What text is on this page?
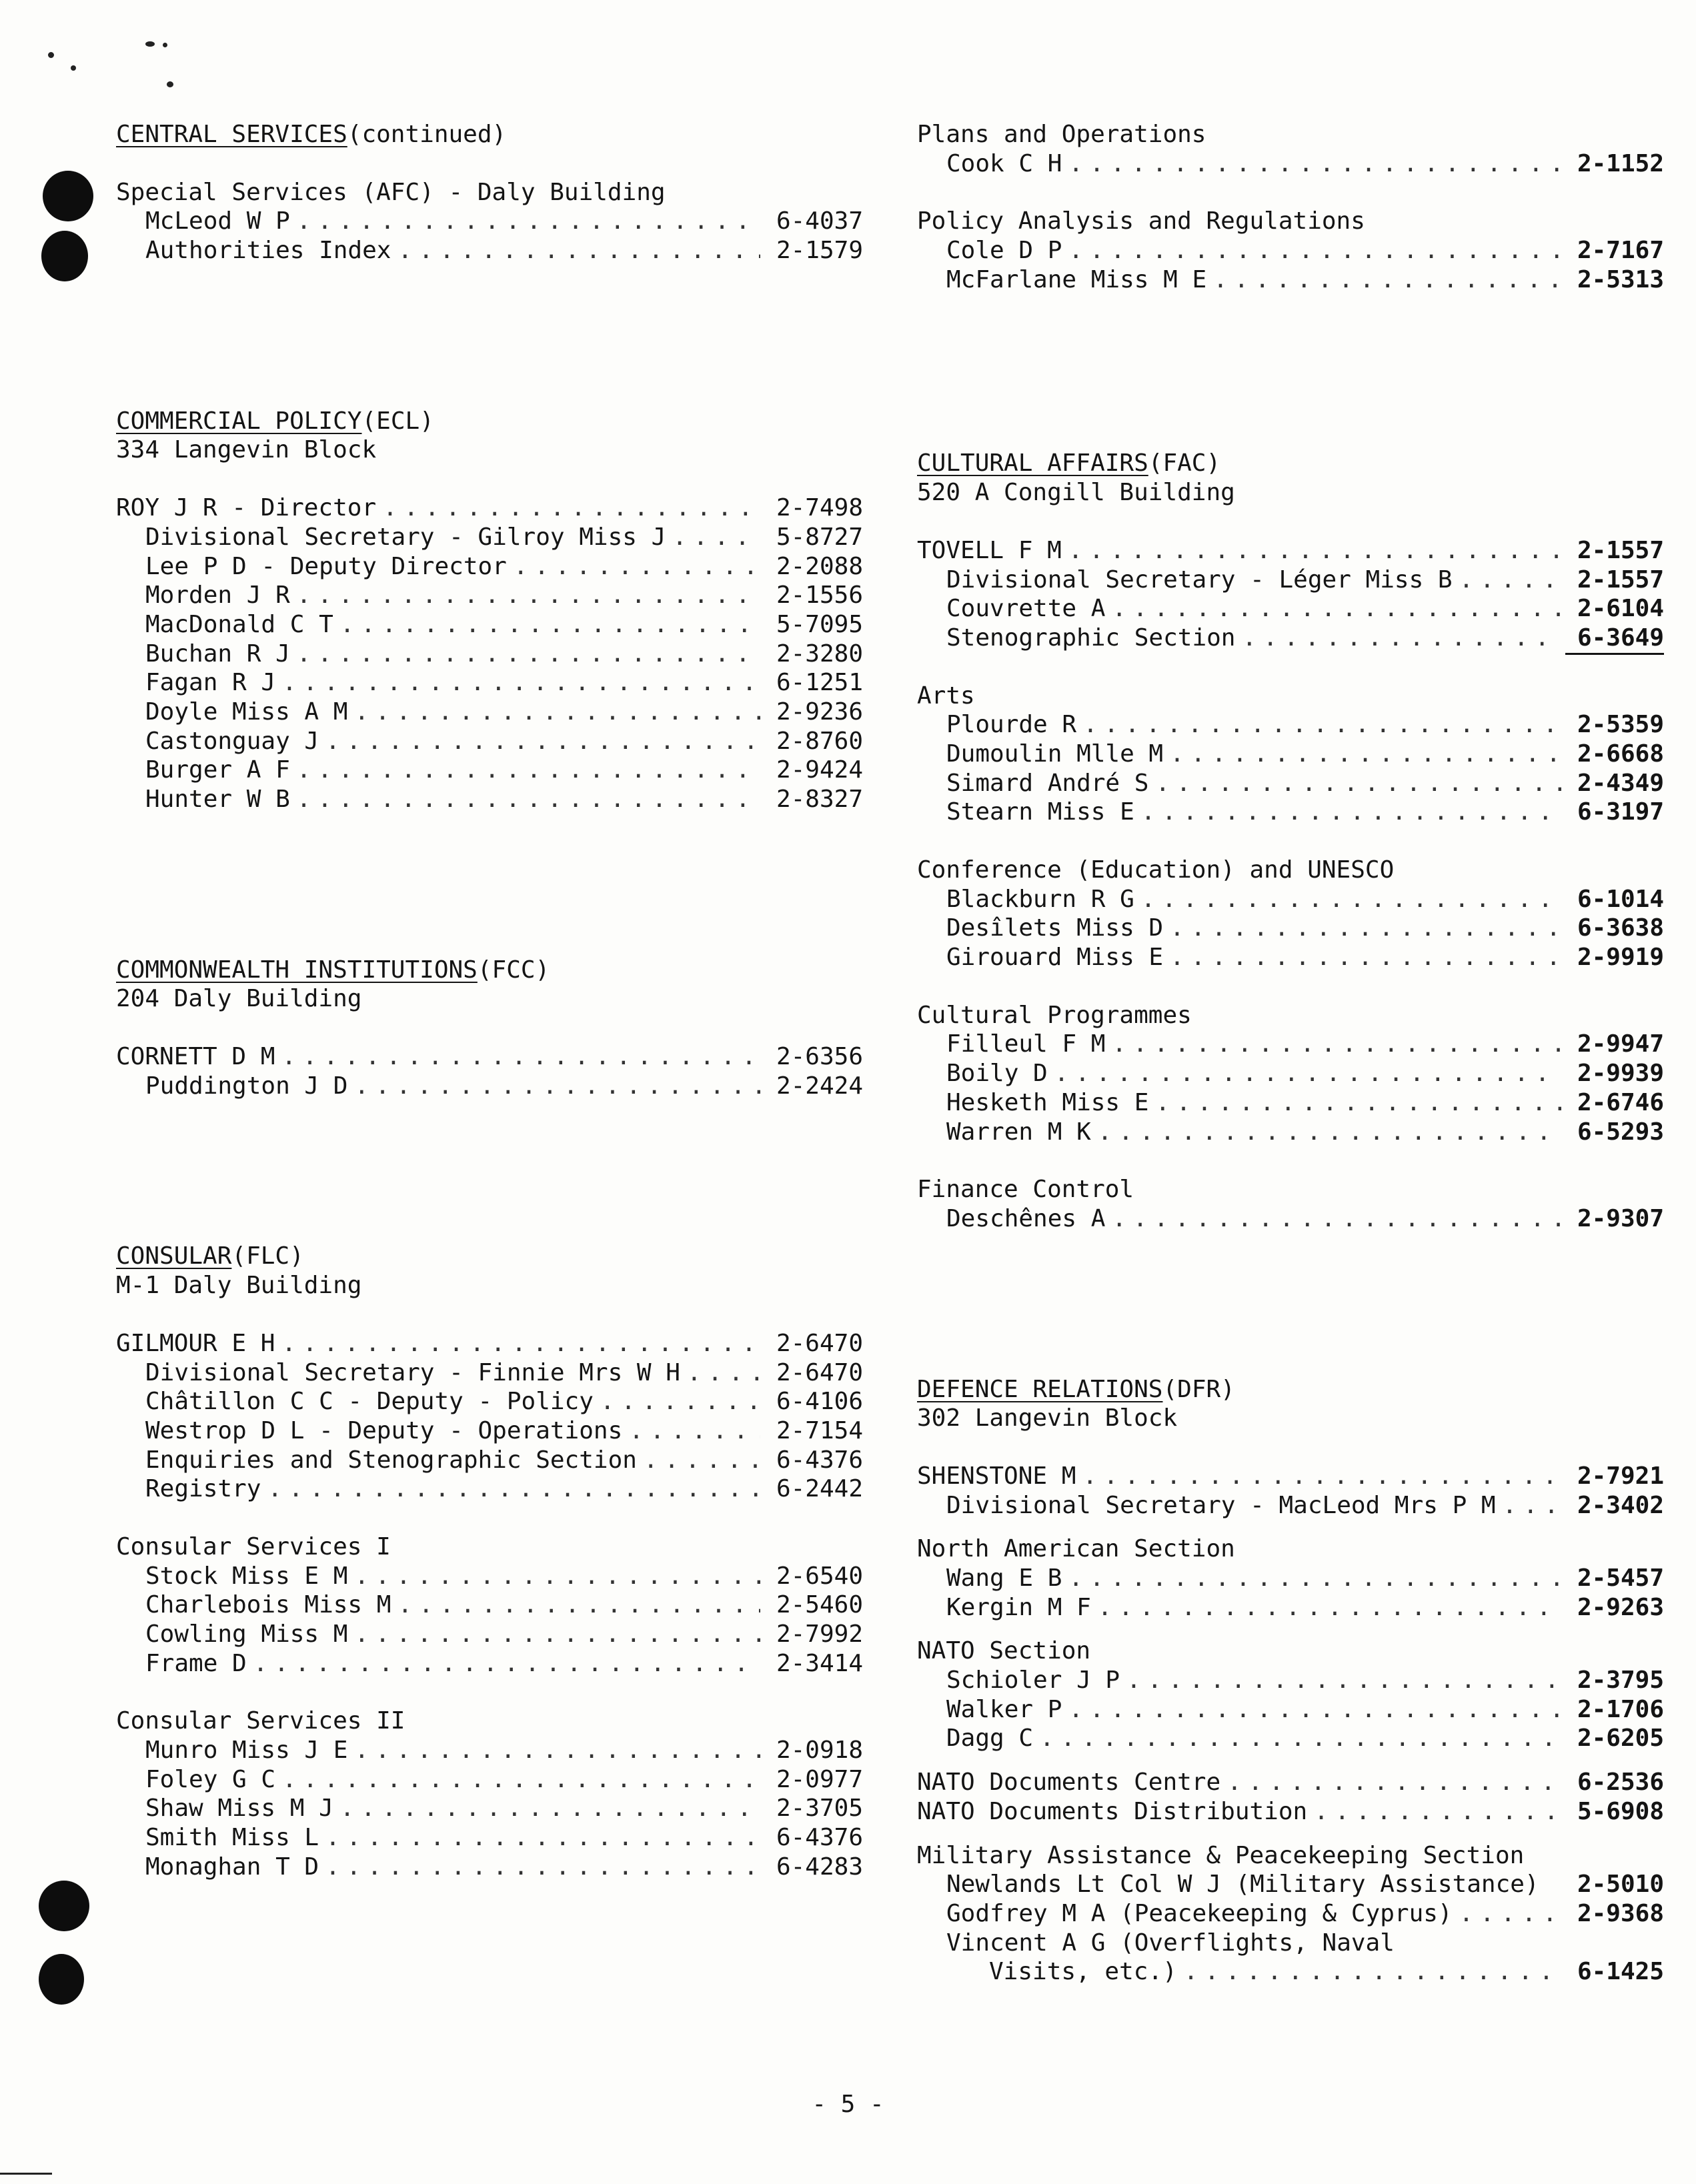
CENTRAL SERVICES (continued)
Special Services (AFC) - Daly Building
McLeod W P . . .	6-4037
Authorities Index . . .	2-1579
COMMERCIAL POLICY (ECL)
334 Langevin Block
ROY J R - Director . . .	2-7498
Divisional Secretary - Gilroy Miss J . . .	5-8727
Lee P D - Deputy Director . . .	2-2088
Morden J R . . .	2-1556
MacDonald C T . . .	5-7095
Buchan R J . . .	2-3280
Fagan R J . . .	6-1251
Doyle Miss A M . . .	2-9236
Castonguay J . . .	2-8760
Burger A F . . .	2-9424
Hunter W B . . .	2-8327
COMMONWEALTH INSTITUTIONS (FCC)
204 Daly Building
CORNETT D M . . .	2-6356
Puddington J D . . .	2-2424
CONSULAR (FLC)
M-1 Daly Building
GILMOUR E H . . .	2-6470
Divisional Secretary - Finnie Mrs W H . . .	2-6470
Châtillon C C - Deputy - Policy . . .	6-4106
Westrop D L - Deputy - Operations . . .	2-7154
Enquiries and Stenographic Section . . .	6-4376
Registry . . .	6-2442
Consular Services I
Stock Miss E M . . .	2-6540
Charlebois Miss M . . .	2-5460
Cowling Miss M . . .	2-7992
Frame D . . .	2-3414
Consular Services II
Munro Miss J E . . .	2-0918
Foley G C . . .	2-0977
Shaw Miss M J . . .	2-3705
Smith Miss L . . .	6-4376
Monaghan T D . . .	6-4283
Plans and Operations
Cook C H . . .	2-1152
Policy Analysis and Regulations
Cole D P . . .	2-7167
McFarlane Miss M E . . .	2-5313
CULTURAL AFFAIRS (FAC)
520 A Congill Building
TOVELL F M . . .	2-1557
Divisional Secretary - Léger Miss B . . .	2-1557
Couvrette A . . .	2-6104
Stenographic Section . . .	6-3649
Arts
Plourde R . . .	2-5359
Dumoulin Mlle M . . .	2-6668
Simard André S . . .	2-4349
Stearn Miss E . . .	6-3197
Conference (Education) and UNESCO
Blackburn R G . . .	6-1014
Desîlets Miss D . . .	6-3638
Girouard Miss E . . .	2-9919
Cultural Programmes
Filleul F M . . .	2-9947
Boily D . . .	2-9939
Hesketh Miss E . . .	2-6746
Warren M K . . .	6-5293
Finance Control
Deschênes A . . .	2-9307
DEFENCE RELATIONS (DFR)
302 Langevin Block
SHENSTONE M . . .	2-7921
Divisional Secretary - MacLeod Mrs P M . . .	2-3402
North American Section
Wang E B . . .	2-5457
Kergin M F . . .	2-9263
NATO Section
Schioler J P . . .	2-3795
Walker P . . .	2-1706
Dagg C . . .	2-6205
NATO Documents Centre . . .	6-2536
NATO Documents Distribution . . .	5-6908
Military Assistance & Peacekeeping Section
Newlands Lt Col W J (Military Assistance)	2-5010
Godfrey M A (Peacekeeping & Cyprus) . . .	2-9368
Vincent A G (Overflights, Naval
Visits, etc.) . . .	6-1425
- 5 -
